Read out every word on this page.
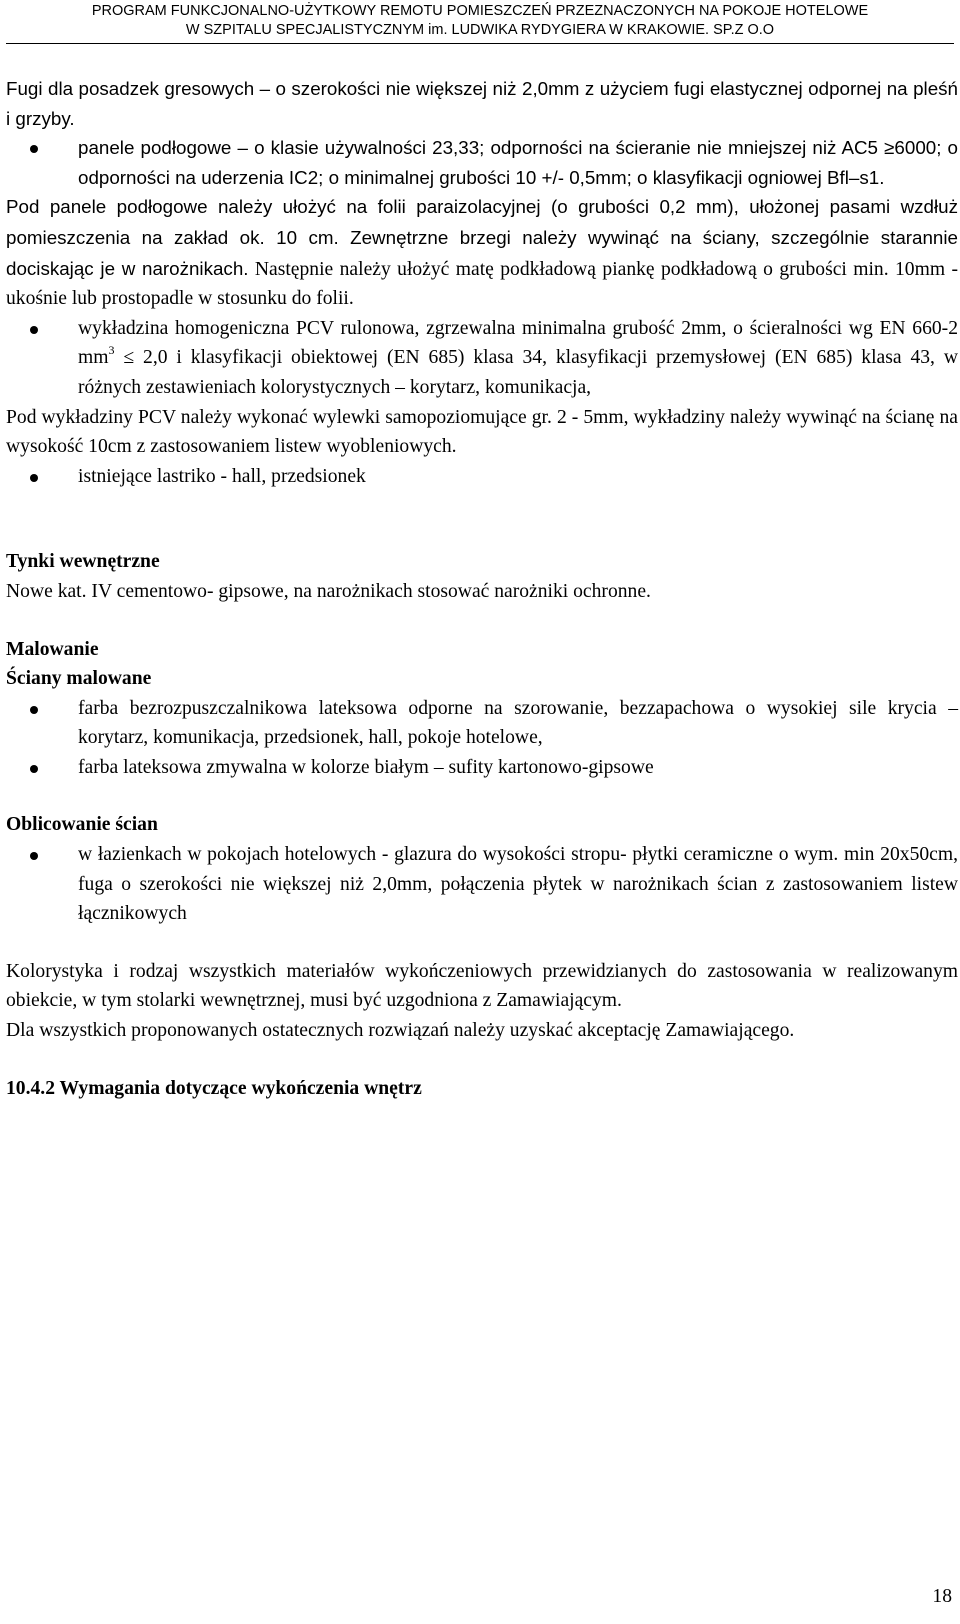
PROGRAM FUNKCJONALNO-UŻYTKOWY REMOTU POMIESZCZEŃ PRZEZNACZONYCH NA POKOJE HOTELOWE
W SZPITALU SPECJALISTYCZNYM im. LUDWIKA RYDYGIERA W KRAKOWIE. SP.Z O.O

Fugi dla posadzek gresowych – o szerokości nie większej niż 2,0mm z użyciem fugi elastycznej odpornej na pleśń i grzyby.

panele podłogowe – o klasie używalności 23,33; odporności na ścieranie nie mniejszej niż AC5 ≥6000; o odporności na uderzenia IC2; o minimalnej grubości 10 +/- 0,5mm; o klasyfikacji ogniowej Bfl–s1.

Pod panele podłogowe należy ułożyć na folii paraizolacyjnej (o grubości 0,2 mm), ułożonej pasami wzdłuż pomieszczenia na zakład ok. 10 cm. Zewnętrzne brzegi należy wywinąć na ściany, szczególnie starannie dociskając je w narożnikach. Następnie należy ułożyć matę podkładową piankę podkładową o grubości min. 10mm - ukośnie lub prostopadle w stosunku do folii.

wykładzina homogeniczna PCV rulonowa, zgrzewalna minimalna grubość 2mm, o ścieralności wg EN 660-2 $mm^3 \le 2,0$ i klasyfikacji obiektowej (EN 685) klasa 34, klasyfikacji przemysłowej (EN 685) klasa 43, w różnych zestawieniach kolorystycznych – korytarz, komunikacja,

Pod wykładziny PCV należy wykonać wylewki samopoziomujące gr. 2 - 5mm, wykładziny należy wywinąć na ścianę na wysokość 10cm z zastosowaniem listew wyobleniowych.

istniejące lastriko - hall, przedsionek

Tynki wewnętrzne

Nowe kat. IV cementowo- gipsowe, na narożnikach stosować narożniki ochronne.

Malowanie

Ściany malowane

farba bezrozpuszczalnikowa lateksowa odporne na szorowanie, bezzapachowa o wysokiej sile krycia – korytarz, komunikacja, przedsionek, hall, pokoje hotelowe,
farba lateksowa zmywalna w kolorze białym – sufity kartonowo-gipsowe

Oblicowanie ścian

w łazienkach w pokojach hotelowych - glazura do wysokości stropu- płytki ceramiczne o wym. min 20x50cm, fuga o szerokości nie większej niż 2,0mm, połączenia płytek w narożnikach ścian z zastosowaniem listew łącznikowych

Kolorystyka i rodzaj wszystkich materiałów wykończeniowych przewidzianych do zastosowania w realizowanym obiekcie, w tym stolarki wewnętrznej, musi być uzgodniona z Zamawiającym.

Dla wszystkich proponowanych ostatecznych rozwiązań należy uzyskać akceptację Zamawiającego.

10.4.2 Wymagania dotyczące wykończenia wnętrz

18
